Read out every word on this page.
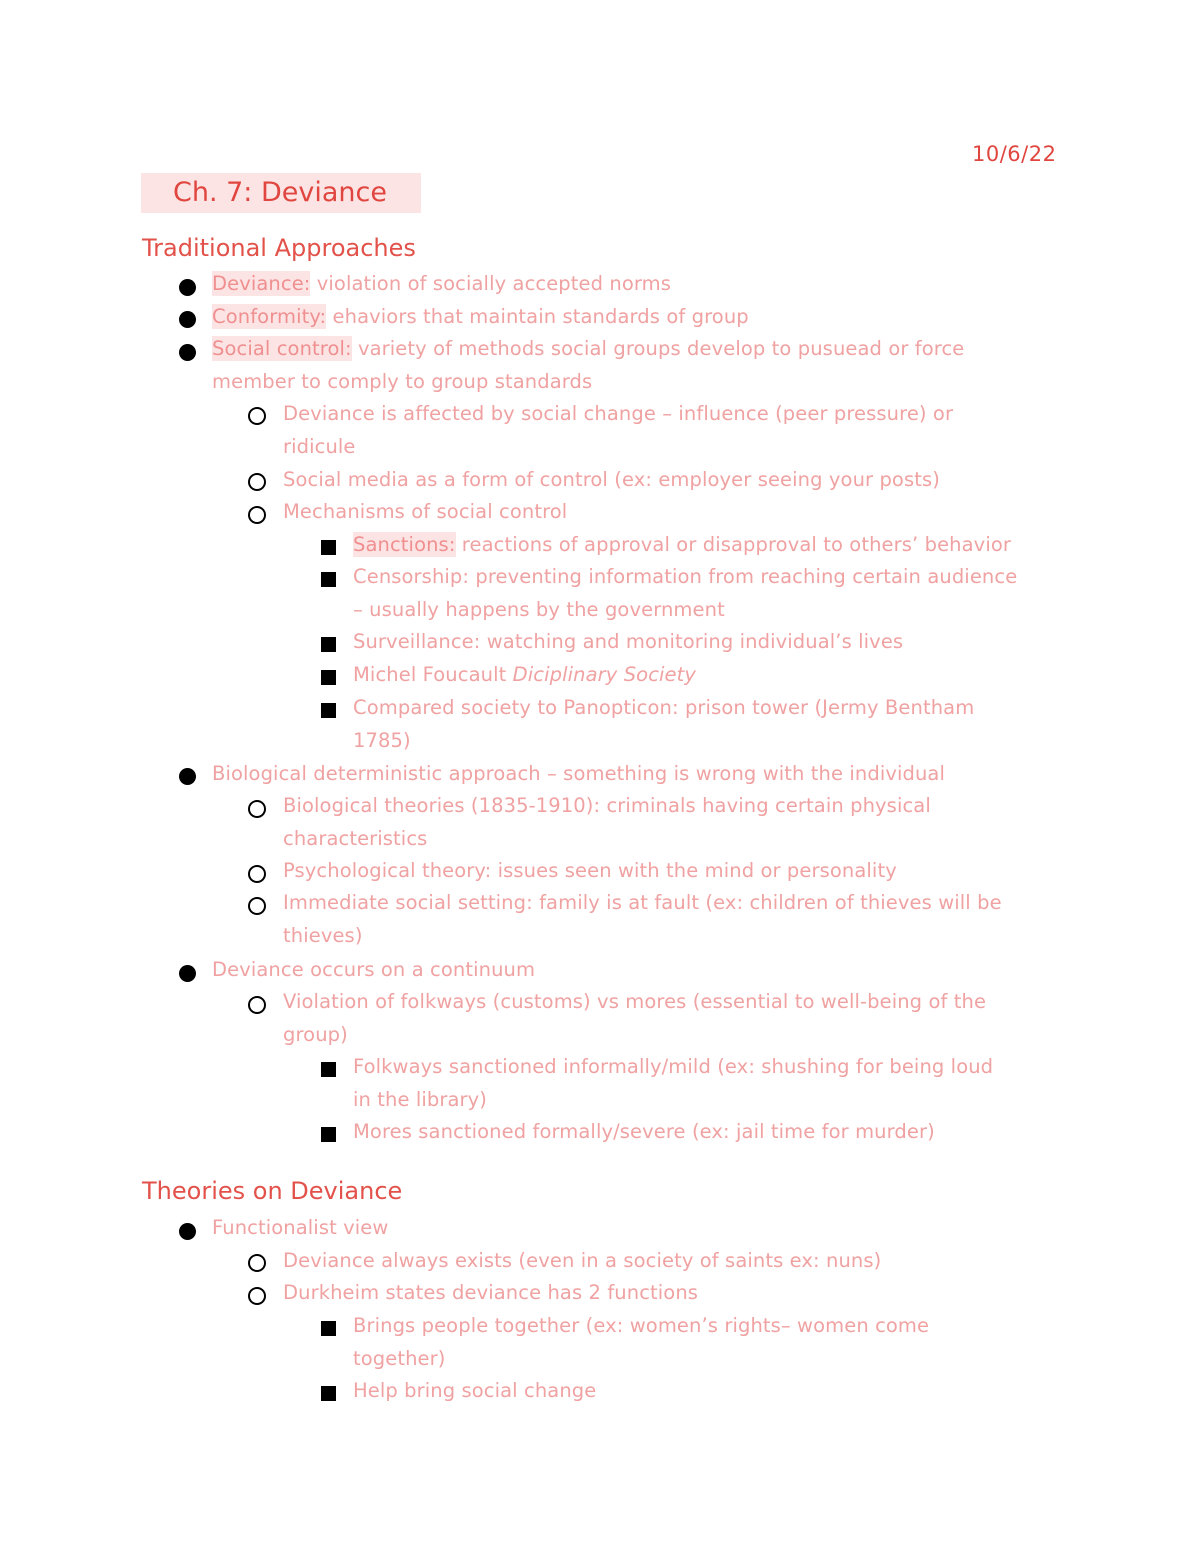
10/6/22
Ch. 7: Deviance
Traditional Approaches
Deviance: violation of socially accepted norms
Conformity: ehaviors that maintain standards of group
Social control: variety of methods social groups develop to pusuead or force
member to comply to group standards
Deviance is affected by social change – influence (peer pressure) or
ridicule
Social media as a form of control (ex: employer seeing your posts)
Mechanisms of social control
Sanctions: reactions of approval or disapproval to others’ behavior
Censorship: preventing information from reaching certain audience
– usually happens by the government
Surveillance: watching and monitoring individual’s lives
Michel Foucault Diciplinary Society
Compared society to Panopticon: prison tower (Jermy Bentham
1785)
Biological deterministic approach – something is wrong with the individual
Biological theories (1835-1910): criminals having certain physical
characteristics
Psychological theory: issues seen with the mind or personality
Immediate social setting: family is at fault (ex: children of thieves will be
thieves)
Deviance occurs on a continuum
Violation of folkways (customs) vs mores (essential to well-being of the
group)
Folkways sanctioned informally/mild (ex: shushing for being loud
in the library)
Mores sanctioned formally/severe (ex: jail time for murder)
Theories on Deviance
Functionalist view
Deviance always exists (even in a society of saints ex: nuns)
Durkheim states deviance has 2 functions
Brings people together (ex: women’s rights– women come
together)
Help bring social change
